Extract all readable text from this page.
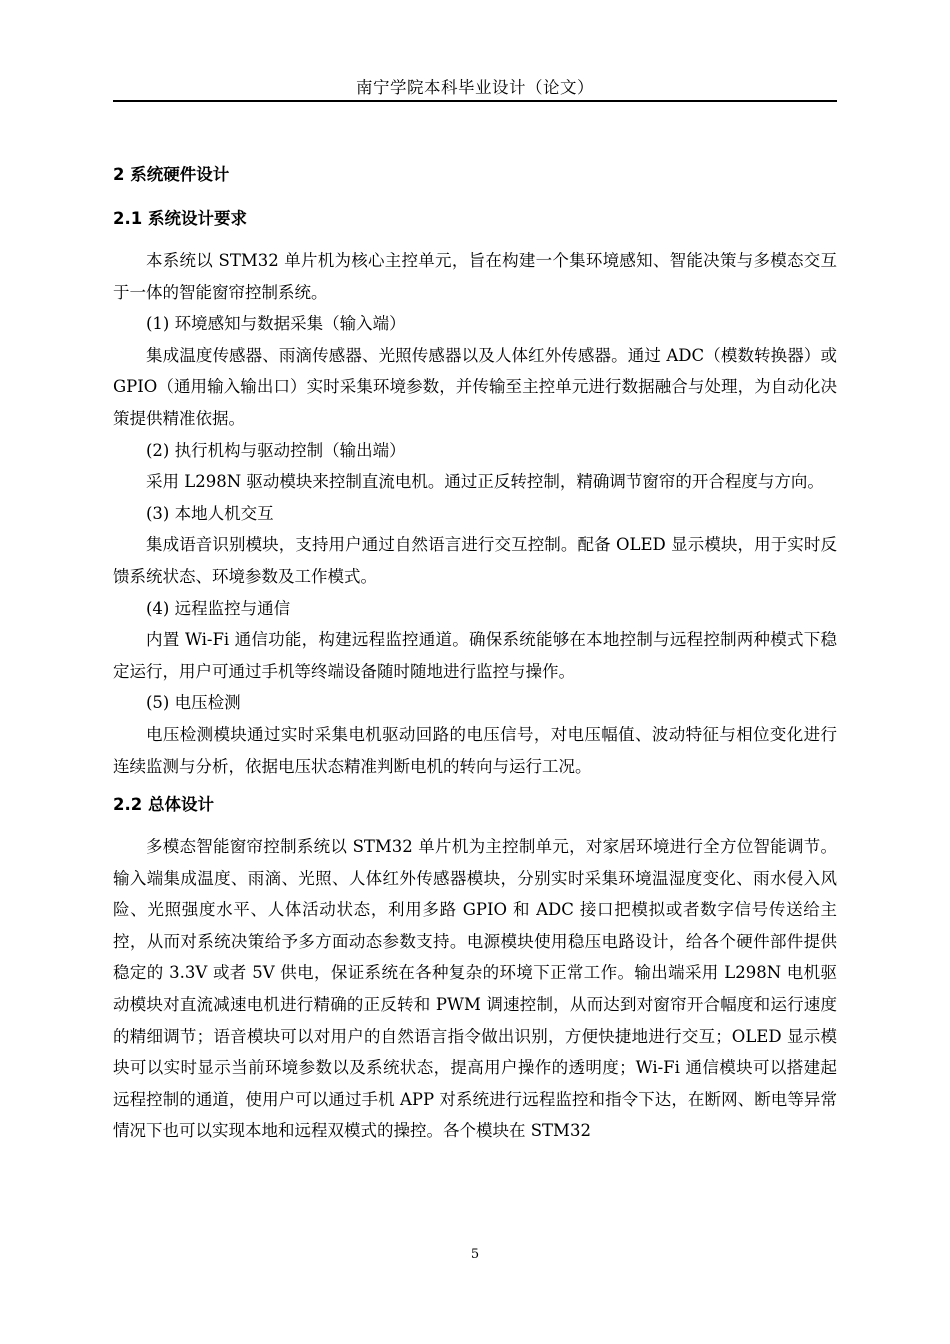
南宁学院本科毕业设计（论文）
2 系统硬件设计
2.1 系统设计要求

本系统以 STM32 单片机为核心主控单元，旨在构建一个集环境感知、智能决策与多模态交互于一体的智能窗帘控制系统。

(1) 环境感知与数据采集（输入端）

集成温度传感器、雨滴传感器、光照传感器以及人体红外传感器。通过 ADC（模数转换器）或 GPIO（通用输入输出口）实时采集环境参数，并传输至主控单元进行数据融合与处理，为自动化决策提供精准依据。

(2) 执行机构与驱动控制（输出端）

采用 L298N 驱动模块来控制直流电机。通过正反转控制，精确调节窗帘的开合程度与方向。

(3) 本地人机交互

集成语音识别模块，支持用户通过自然语言进行交互控制。配备 OLED 显示模块，用于实时反馈系统状态、环境参数及工作模式。

(4) 远程监控与通信

内置 Wi-Fi 通信功能，构建远程监控通道。确保系统能够在本地控制与远程控制两种模式下稳定运行，用户可通过手机等终端设备随时随地进行监控与操作。

(5) 电压检测

电压检测模块通过实时采集电机驱动回路的电压信号，对电压幅值、波动特征与相位变化进行连续监测与分析，依据电压状态精准判断电机的转向与运行工况。

2.2 总体设计

多模态智能窗帘控制系统以 STM32 单片机为主控制单元，对家居环境进行全方位智能调节。输入端集成温度、雨滴、光照、人体红外传感器模块，分别实时采集环境温湿度变化、雨水侵入风险、光照强度水平、人体活动状态，利用多路 GPIO 和 ADC 接口把模拟或者数字信号传送给主控，从而对系统决策给予多方面动态参数支持。电源模块使用稳压电路设计，给各个硬件部件提供稳定的 3.3V 或者 5V 供电，保证系统在各种复杂的环境下正常工作。输出端采用 L298N 电机驱动模块对直流减速电机进行精确的正反转和 PWM 调速控制，从而达到对窗帘开合幅度和运行速度的精细调节；语音模块可以对用户的自然语言指令做出识别，方便快捷地进行交互；OLED 显示模块可以实时显示当前环境参数以及系统状态，提高用户操作的透明度；Wi-Fi 通信模块可以搭建起远程控制的通道，使用户可以通过手机 APP 对系统进行远程监控和指令下达，在断网、断电等异常情况下也可以实现本地和远程双模式的操控。各个模块在 STM32

5
